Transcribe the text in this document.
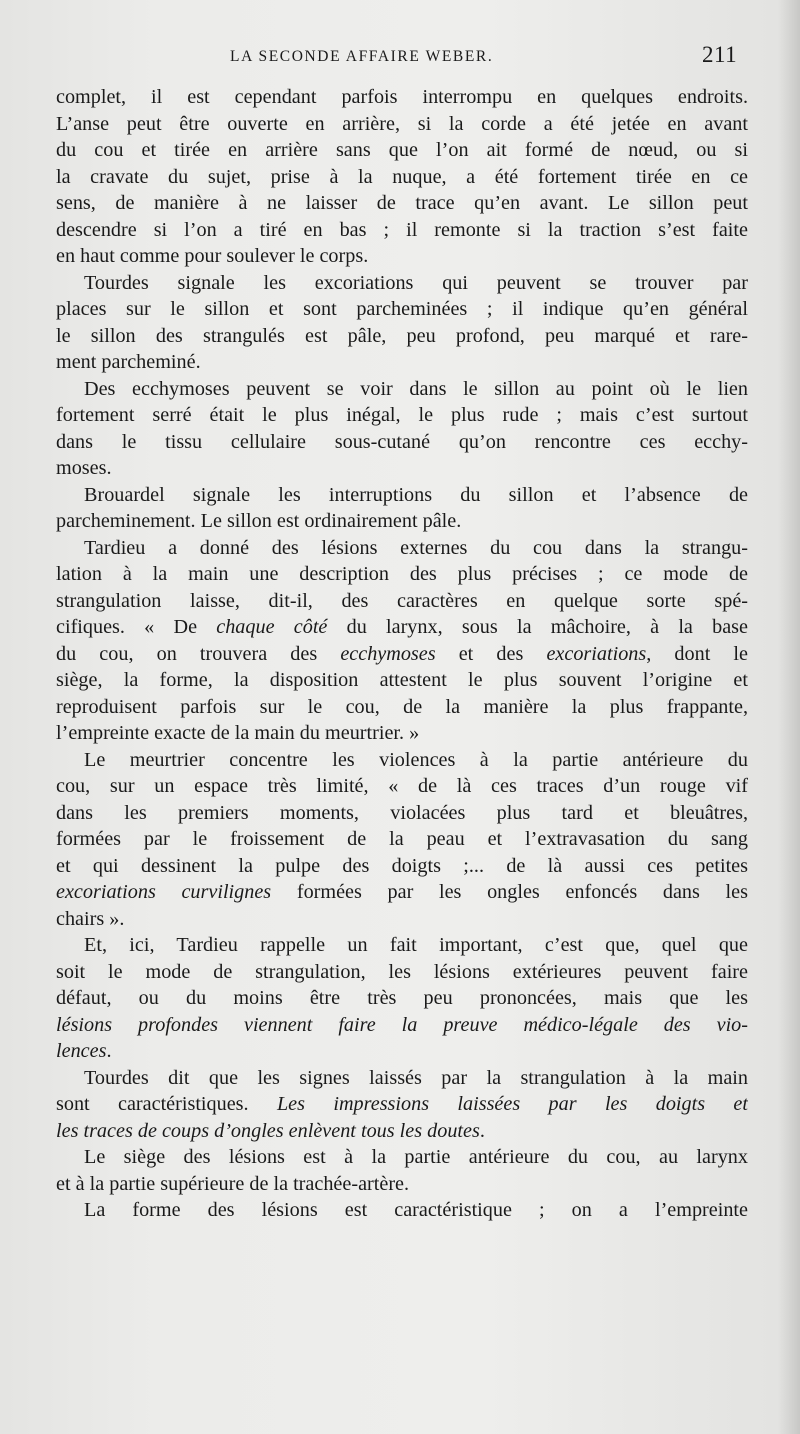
LA SECONDE AFFAIRE WEBER.	211
complet, il est cependant parfois interrompu en quelques endroits.
L’anse peut être ouverte en arrière, si la corde a été jetée en avant
du cou et tirée en arrière sans que l’on ait formé de nœud, ou si
la cravate du sujet, prise à la nuque, a été fortement tirée en ce
sens, de manière à ne laisser de trace qu’en avant. Le sillon peut
descendre si l’on a tiré en bas ; il remonte si la traction s’est faite
en haut comme pour soulever le corps.
Tourdes signale les excoriations qui peuvent se trouver par
places sur le sillon et sont parcheminées ; il indique qu’en général
le sillon des strangulés est pâle, peu profond, peu marqué et rare-
ment parcheminé.
Des ecchymoses peuvent se voir dans le sillon au point où le lien
fortement serré était le plus inégal, le plus rude ; mais c’est surtout
dans le tissu cellulaire sous-cutané qu’on rencontre ces ecchy-
moses.
Brouardel signale les interruptions du sillon et l’absence de
parcheminement. Le sillon est ordinairement pâle.
Tardieu a donné des lésions externes du cou dans la strangu-
lation à la main une description des plus précises ; ce mode de
strangulation laisse, dit-il, des caractères en quelque sorte spé-
cifiques. « De chaque côté du larynx, sous la mâchoire, à la base
du cou, on trouvera des ecchymoses et des excoriations, dont le
siège, la forme, la disposition attestent le plus souvent l’origine et
reproduisent parfois sur le cou, de la manière la plus frappante,
l’empreinte exacte de la main du meurtrier. »
Le meurtrier concentre les violences à la partie antérieure du
cou, sur un espace très limité, « de là ces traces d’un rouge vif
dans les premiers moments, violacées plus tard et bleuâtres,
formées par le froissement de la peau et l’extravasation du sang
et qui dessinent la pulpe des doigts ;... de là aussi ces petites
excoriations curvilignes formées par les ongles enfoncés dans les
chairs ».
Et, ici, Tardieu rappelle un fait important, c’est que, quel que
soit le mode de strangulation, les lésions extérieures peuvent faire
défaut, ou du moins être très peu prononcées, mais que les
lésions profondes viennent faire la preuve médico-légale des vio-
lences.
Tourdes dit que les signes laissés par la strangulation à la main
sont caractéristiques. Les impressions laissées par les doigts et
les traces de coups d’ongles enlèvent tous les doutes.
Le siège des lésions est à la partie antérieure du cou, au larynx
et à la partie supérieure de la trachée-artère.
La forme des lésions est caractéristique ; on a l’empreinte
